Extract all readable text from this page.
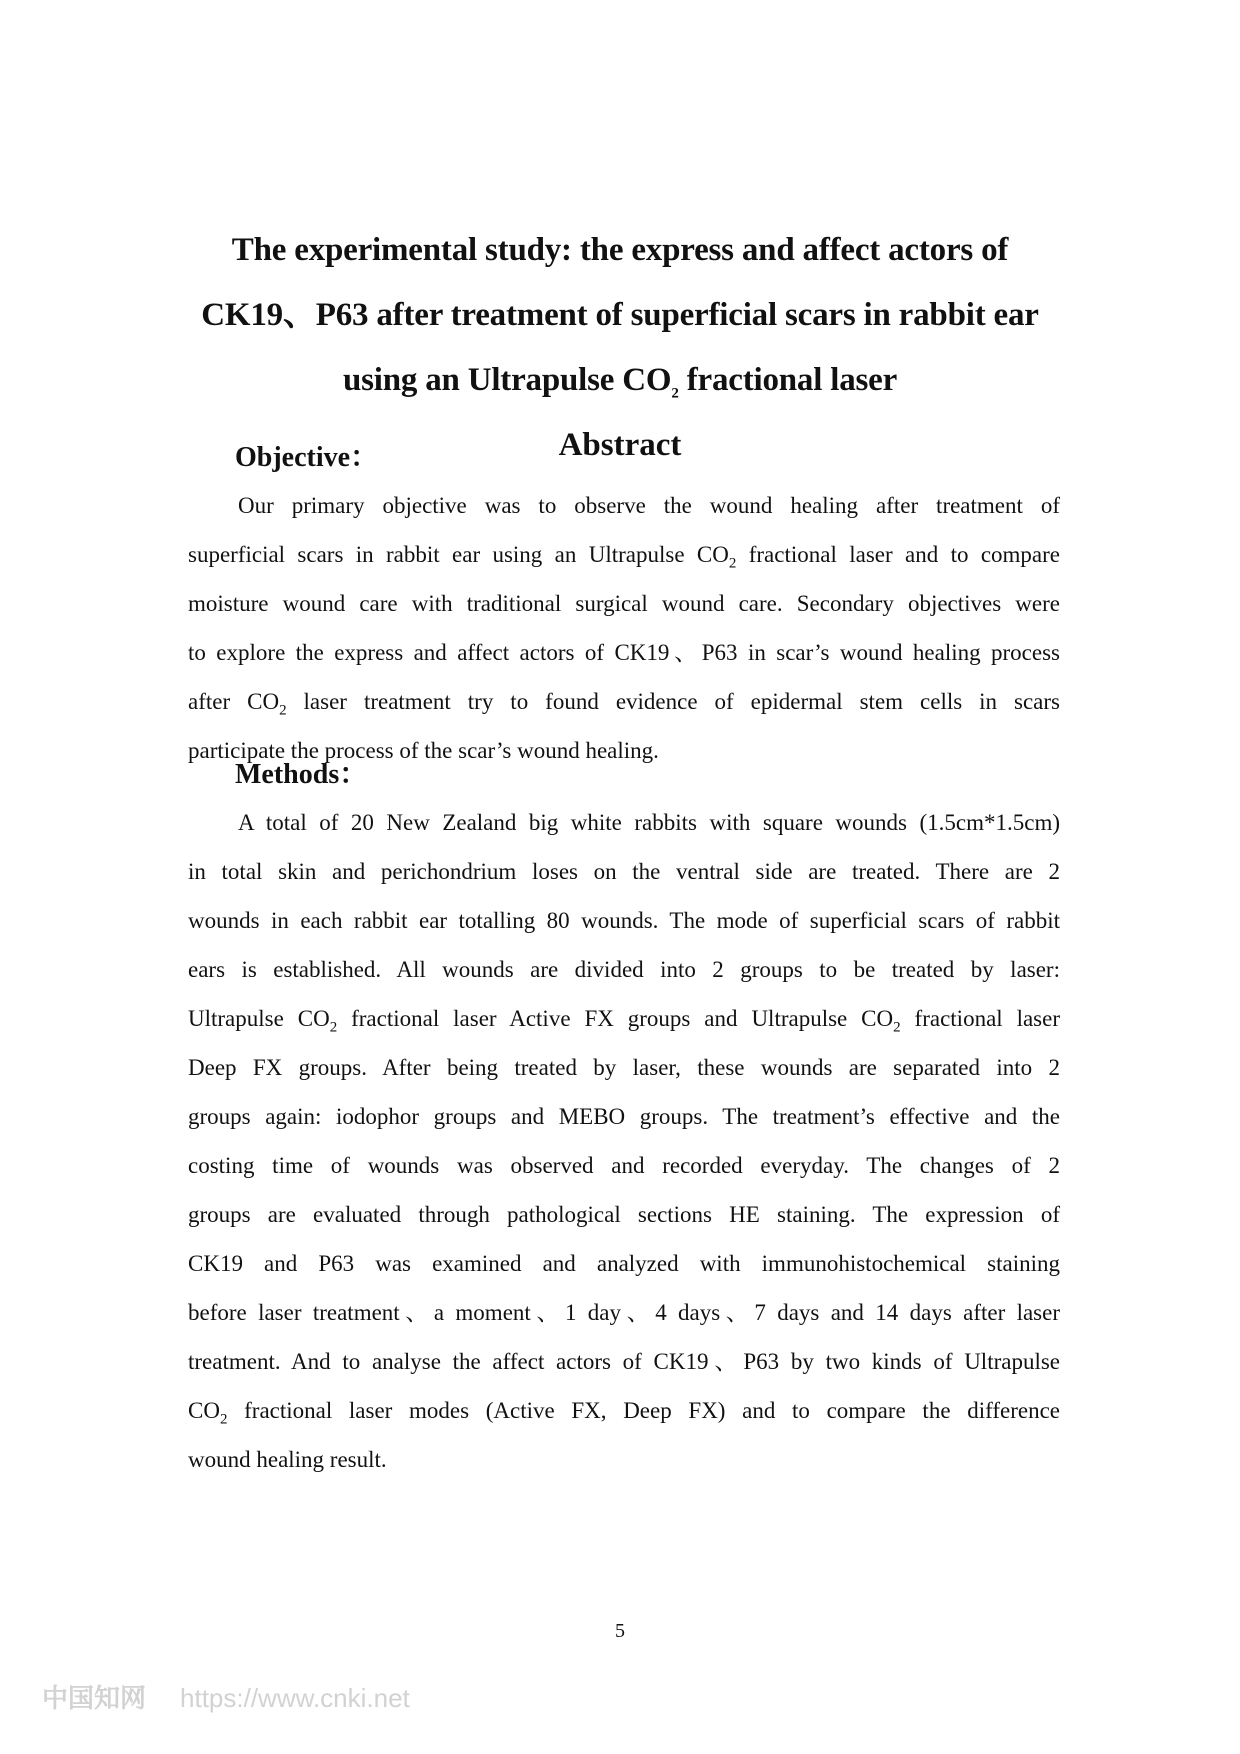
The experimental study: the express and affect actors of
CK19、P63 after treatment of superficial scars in rabbit ear
using an Ultrapulse $CO_2$ fractional laser
Abstract
Objective：
Our primary objective was to observe the wound healing after treatment of
superficial scars in rabbit ear using an Ultrapulse $CO_2$ fractional laser and to compare
moisture wound care with traditional surgical wound care. Secondary objectives were
to explore the express and affect actors of CK19、P63 in scar’s wound healing process
after $CO_2$ laser treatment try to found evidence of epidermal stem cells in scars
participate the process of the scar’s wound healing.
Methods：
A total of 20 New Zealand big white rabbits with square wounds (1.5cm*1.5cm)
in total skin and perichondrium loses on the ventral side are treated. There are 2
wounds in each rabbit ear totalling 80 wounds. The mode of superficial scars of rabbit
ears is established. All wounds are divided into 2 groups to be treated by laser:
Ultrapulse $CO_2$ fractional laser Active FX groups and Ultrapulse $CO_2$ fractional laser
Deep FX groups. After being treated by laser, these wounds are separated into 2
groups again: iodophor groups and MEBO groups. The treatment’s effective and the
costing time of wounds was observed and recorded everyday. The changes of 2
groups are evaluated through pathological sections HE staining. The expression of
CK19 and P63 was examined and analyzed with immunohistochemical staining
before laser treatment、a moment、1 day、4 days、7 days and 14 days after laser
treatment. And to analyse the affect actors of CK19、P63 by two kinds of Ultrapulse
$CO_2$ fractional laser modes (Active FX, Deep FX) and to compare the difference
wound healing result.
5
中国知网 https://www.cnki.net
